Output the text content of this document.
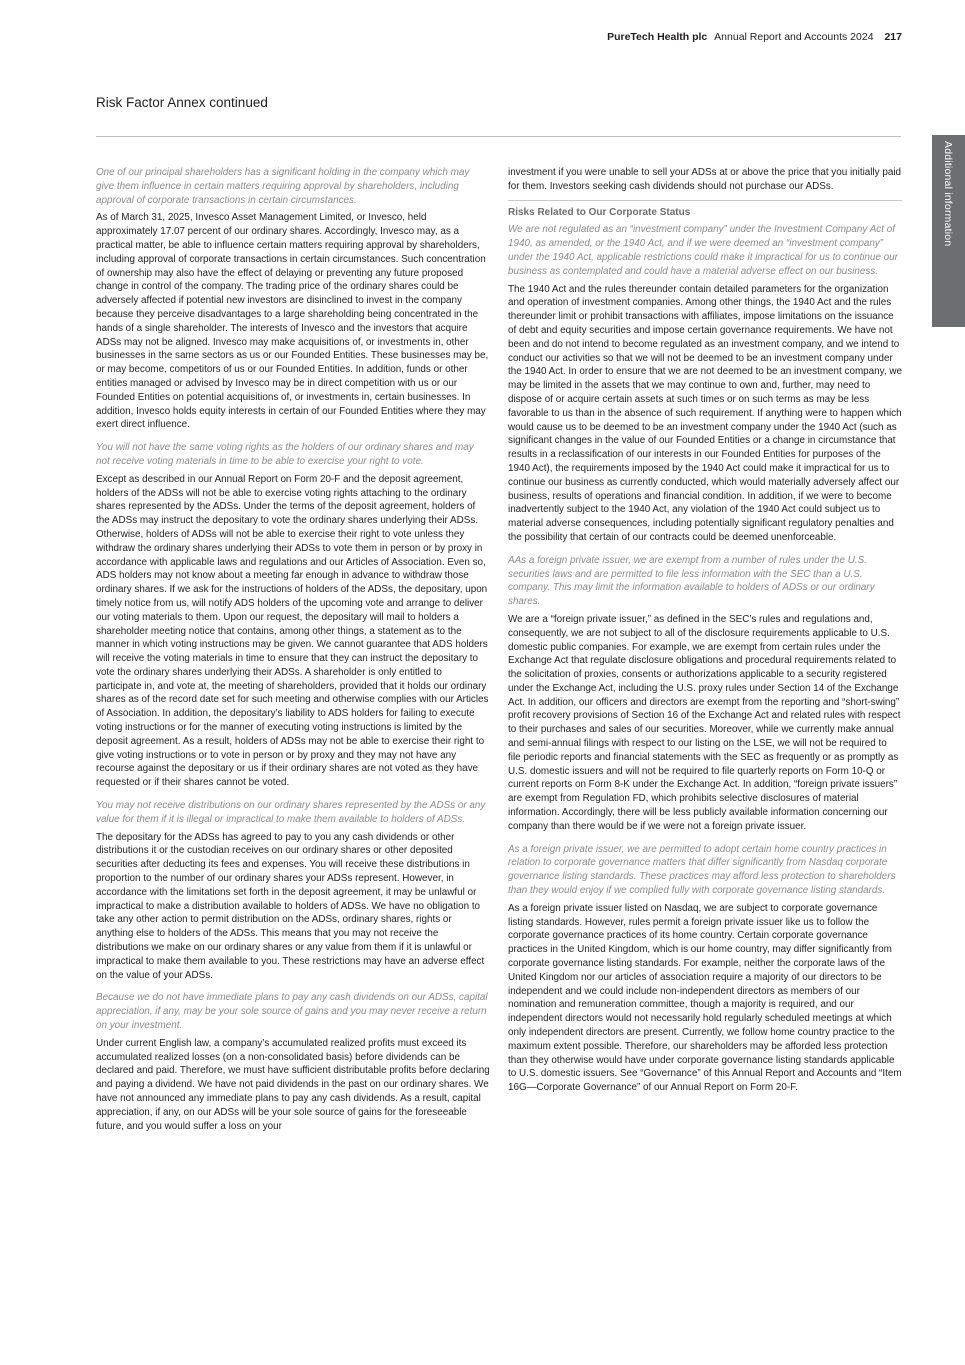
PureTech Health plc Annual Report and Accounts 2024 217
Risk Factor Annex continued
Additional information

One of our principal shareholders has a significant holding in the company which may give them influence in certain matters requiring approval by shareholders, including approval of corporate transactions in certain circumstances.

As of March 31, 2025, Invesco Asset Management Limited, or Invesco, held approximately 17.07 percent of our ordinary shares. Accordingly, Invesco may, as a practical matter, be able to influence certain matters requiring approval by shareholders, including approval of corporate transactions in certain circumstances. Such concentration of ownership may also have the effect of delaying or preventing any future proposed change in control of the company. The trading price of the ordinary shares could be adversely affected if potential new investors are disinclined to invest in the company because they perceive disadvantages to a large shareholding being concentrated in the hands of a single shareholder. The interests of Invesco and the investors that acquire ADSs may not be aligned. Invesco may make acquisitions of, or investments in, other businesses in the same sectors as us or our Founded Entities. These businesses may be, or may become, competitors of us or our Founded Entities. In addition, funds or other entities managed or advised by Invesco may be in direct competition with us or our Founded Entities on potential acquisitions of, or investments in, certain businesses. In addition, Invesco holds equity interests in certain of our Founded Entities where they may exert direct influence.

You will not have the same voting rights as the holders of our ordinary shares and may not receive voting materials in time to be able to exercise your right to vote.

Except as described in our Annual Report on Form 20-F and the deposit agreement, holders of the ADSs will not be able to exercise voting rights attaching to the ordinary shares represented by the ADSs. Under the terms of the deposit agreement, holders of the ADSs may instruct the depositary to vote the ordinary shares underlying their ADSs. Otherwise, holders of ADSs will not be able to exercise their right to vote unless they withdraw the ordinary shares underlying their ADSs to vote them in person or by proxy in accordance with applicable laws and regulations and our Articles of Association. Even so, ADS holders may not know about a meeting far enough in advance to withdraw those ordinary shares. If we ask for the instructions of holders of the ADSs, the depositary, upon timely notice from us, will notify ADS holders of the upcoming vote and arrange to deliver our voting materials to them. Upon our request, the depositary will mail to holders a shareholder meeting notice that contains, among other things, a statement as to the manner in which voting instructions may be given. We cannot guarantee that ADS holders will receive the voting materials in time to ensure that they can instruct the depositary to vote the ordinary shares underlying their ADSs. A shareholder is only entitled to participate in, and vote at, the meeting of shareholders, provided that it holds our ordinary shares as of the record date set for such meeting and otherwise complies with our Articles of Association. In addition, the depositary’s liability to ADS holders for failing to execute voting instructions or for the manner of executing voting instructions is limited by the deposit agreement. As a result, holders of ADSs may not be able to exercise their right to give voting instructions or to vote in person or by proxy and they may not have any recourse against the depositary or us if their ordinary shares are not voted as they have requested or if their shares cannot be voted.

You may not receive distributions on our ordinary shares represented by the ADSs or any value for them if it is illegal or impractical to make them available to holders of ADSs.

The depositary for the ADSs has agreed to pay to you any cash dividends or other distributions it or the custodian receives on our ordinary shares or other deposited securities after deducting its fees and expenses. You will receive these distributions in proportion to the number of our ordinary shares your ADSs represent. However, in accordance with the limitations set forth in the deposit agreement, it may be unlawful or impractical to make a distribution available to holders of ADSs. We have no obligation to take any other action to permit distribution on the ADSs, ordinary shares, rights or anything else to holders of the ADSs. This means that you may not receive the distributions we make on our ordinary shares or any value from them if it is unlawful or impractical to make them available to you. These restrictions may have an adverse effect on the value of your ADSs.

Because we do not have immediate plans to pay any cash dividends on our ADSs, capital appreciation, if any, may be your sole source of gains and you may never receive a return on your investment.

Under current English law, a company’s accumulated realized profits must exceed its accumulated realized losses (on a non-consolidated basis) before dividends can be declared and paid. Therefore, we must have sufficient distributable profits before declaring and paying a dividend. We have not paid dividends in the past on our ordinary shares. We have not announced any immediate plans to pay any cash dividends. As a result, capital appreciation, if any, on our ADSs will be your sole source of gains for the foreseeable future, and you would suffer a loss on your

investment if you were unable to sell your ADSs at or above the price that you initially paid for them. Investors seeking cash dividends should not purchase our ADSs.

Risks Related to Our Corporate Status

We are not regulated as an “investment company” under the Investment Company Act of 1940, as amended, or the 1940 Act, and if we were deemed an “investment company” under the 1940 Act, applicable restrictions could make it impractical for us to continue our business as contemplated and could have a material adverse effect on our business.

The 1940 Act and the rules thereunder contain detailed parameters for the organization and operation of investment companies. Among other things, the 1940 Act and the rules thereunder limit or prohibit transactions with affiliates, impose limitations on the issuance of debt and equity securities and impose certain governance requirements. We have not been and do not intend to become regulated as an investment company, and we intend to conduct our activities so that we will not be deemed to be an investment company under the 1940 Act. In order to ensure that we are not deemed to be an investment company, we may be limited in the assets that we may continue to own and, further, may need to dispose of or acquire certain assets at such times or on such terms as may be less favorable to us than in the absence of such requirement. If anything were to happen which would cause us to be deemed to be an investment company under the 1940 Act (such as significant changes in the value of our Founded Entities or a change in circumstance that results in a reclassification of our interests in our Founded Entities for purposes of the 1940 Act), the requirements imposed by the 1940 Act could make it impractical for us to continue our business as currently conducted, which would materially adversely affect our business, results of operations and financial condition. In addition, if we were to become inadvertently subject to the 1940 Act, any violation of the 1940 Act could subject us to material adverse consequences, including potentially significant regulatory penalties and the possibility that certain of our contracts could be deemed unenforceable.

AAs a foreign private issuer, we are exempt from a number of rules under the U.S. securities laws and are permitted to file less information with the SEC than a U.S. company. This may limit the information available to holders of ADSs or our ordinary shares.

We are a “foreign private issuer,” as defined in the SEC’s rules and regulations and, consequently, we are not subject to all of the disclosure requirements applicable to U.S. domestic public companies. For example, we are exempt from certain rules under the Exchange Act that regulate disclosure obligations and procedural requirements related to the solicitation of proxies, consents or authorizations applicable to a security registered under the Exchange Act, including the U.S. proxy rules under Section 14 of the Exchange Act. In addition, our officers and directors are exempt from the reporting and “short-swing” profit recovery provisions of Section 16 of the Exchange Act and related rules with respect to their purchases and sales of our securities. Moreover, while we currently make annual and semi-annual filings with respect to our listing on the LSE, we will not be required to file periodic reports and financial statements with the SEC as frequently or as promptly as U.S. domestic issuers and will not be required to file quarterly reports on Form 10-Q or current reports on Form 8-K under the Exchange Act. In addition, “foreign private issuers” are exempt from Regulation FD, which prohibits selective disclosures of material information. Accordingly, there will be less publicly available information concerning our company than there would be if we were not a foreign private issuer.

As a foreign private issuer, we are permitted to adopt certain home country practices in relation to corporate governance matters that differ significantly from Nasdaq corporate governance listing standards. These practices may afford less protection to shareholders than they would enjoy if we complied fully with corporate governance listing standards.

As a foreign private issuer listed on Nasdaq, we are subject to corporate governance listing standards. However, rules permit a foreign private issuer like us to follow the corporate governance practices of its home country. Certain corporate governance practices in the United Kingdom, which is our home country, may differ significantly from corporate governance listing standards. For example, neither the corporate laws of the United Kingdom nor our articles of association require a majority of our directors to be independent and we could include non-independent directors as members of our nomination and remuneration committee, though a majority is required, and our independent directors would not necessarily hold regularly scheduled meetings at which only independent directors are present. Currently, we follow home country practice to the maximum extent possible. Therefore, our shareholders may be afforded less protection than they otherwise would have under corporate governance listing standards applicable to U.S. domestic issuers. See “Governance” of this Annual Report and Accounts and “Item 16G—Corporate Governance” of our Annual Report on Form 20-F.
